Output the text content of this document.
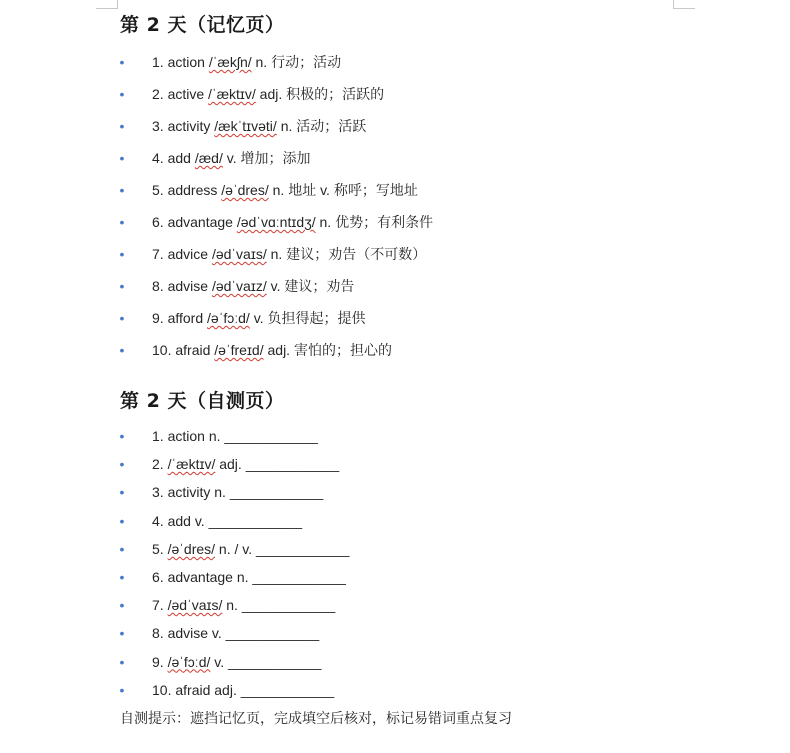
第 2 天（记忆页）
• 1. action /ˈækʃn/ n. 行动；活动
• 2. active /ˈæktɪv/ adj. 积极的；活跃的
• 3. activity /ækˈtɪvəti/ n. 活动；活跃
• 4. add /æd/ v. 增加；添加
• 5. address /əˈdres/ n. 地址 v. 称呼；写地址
• 6. advantage /ədˈvɑːntɪdʒ/ n. 优势；有利条件
• 7. advice /ədˈvaɪs/ n. 建议；劝告（不可数）
• 8. advise /ədˈvaɪz/ v. 建议；劝告
• 9. afford /əˈfɔːd/ v. 负担得起；提供
• 10. afraid /əˈfreɪd/ adj. 害怕的；担心的
第 2 天（自测页）
• 1. action n. ____________
• 2. /ˈæktɪv/ adj. ____________
• 3. activity n. ____________
• 4. add v. ____________
• 5. /əˈdres/ n. / v. ____________
• 6. advantage n. ____________
• 7. /ədˈvaɪs/ n. ____________
• 8. advise v. ____________
• 9. /əˈfɔːd/ v. ____________
• 10. afraid adj. ____________
自测提示：遮挡记忆页，完成填空后核对，标记易错词重点复习
